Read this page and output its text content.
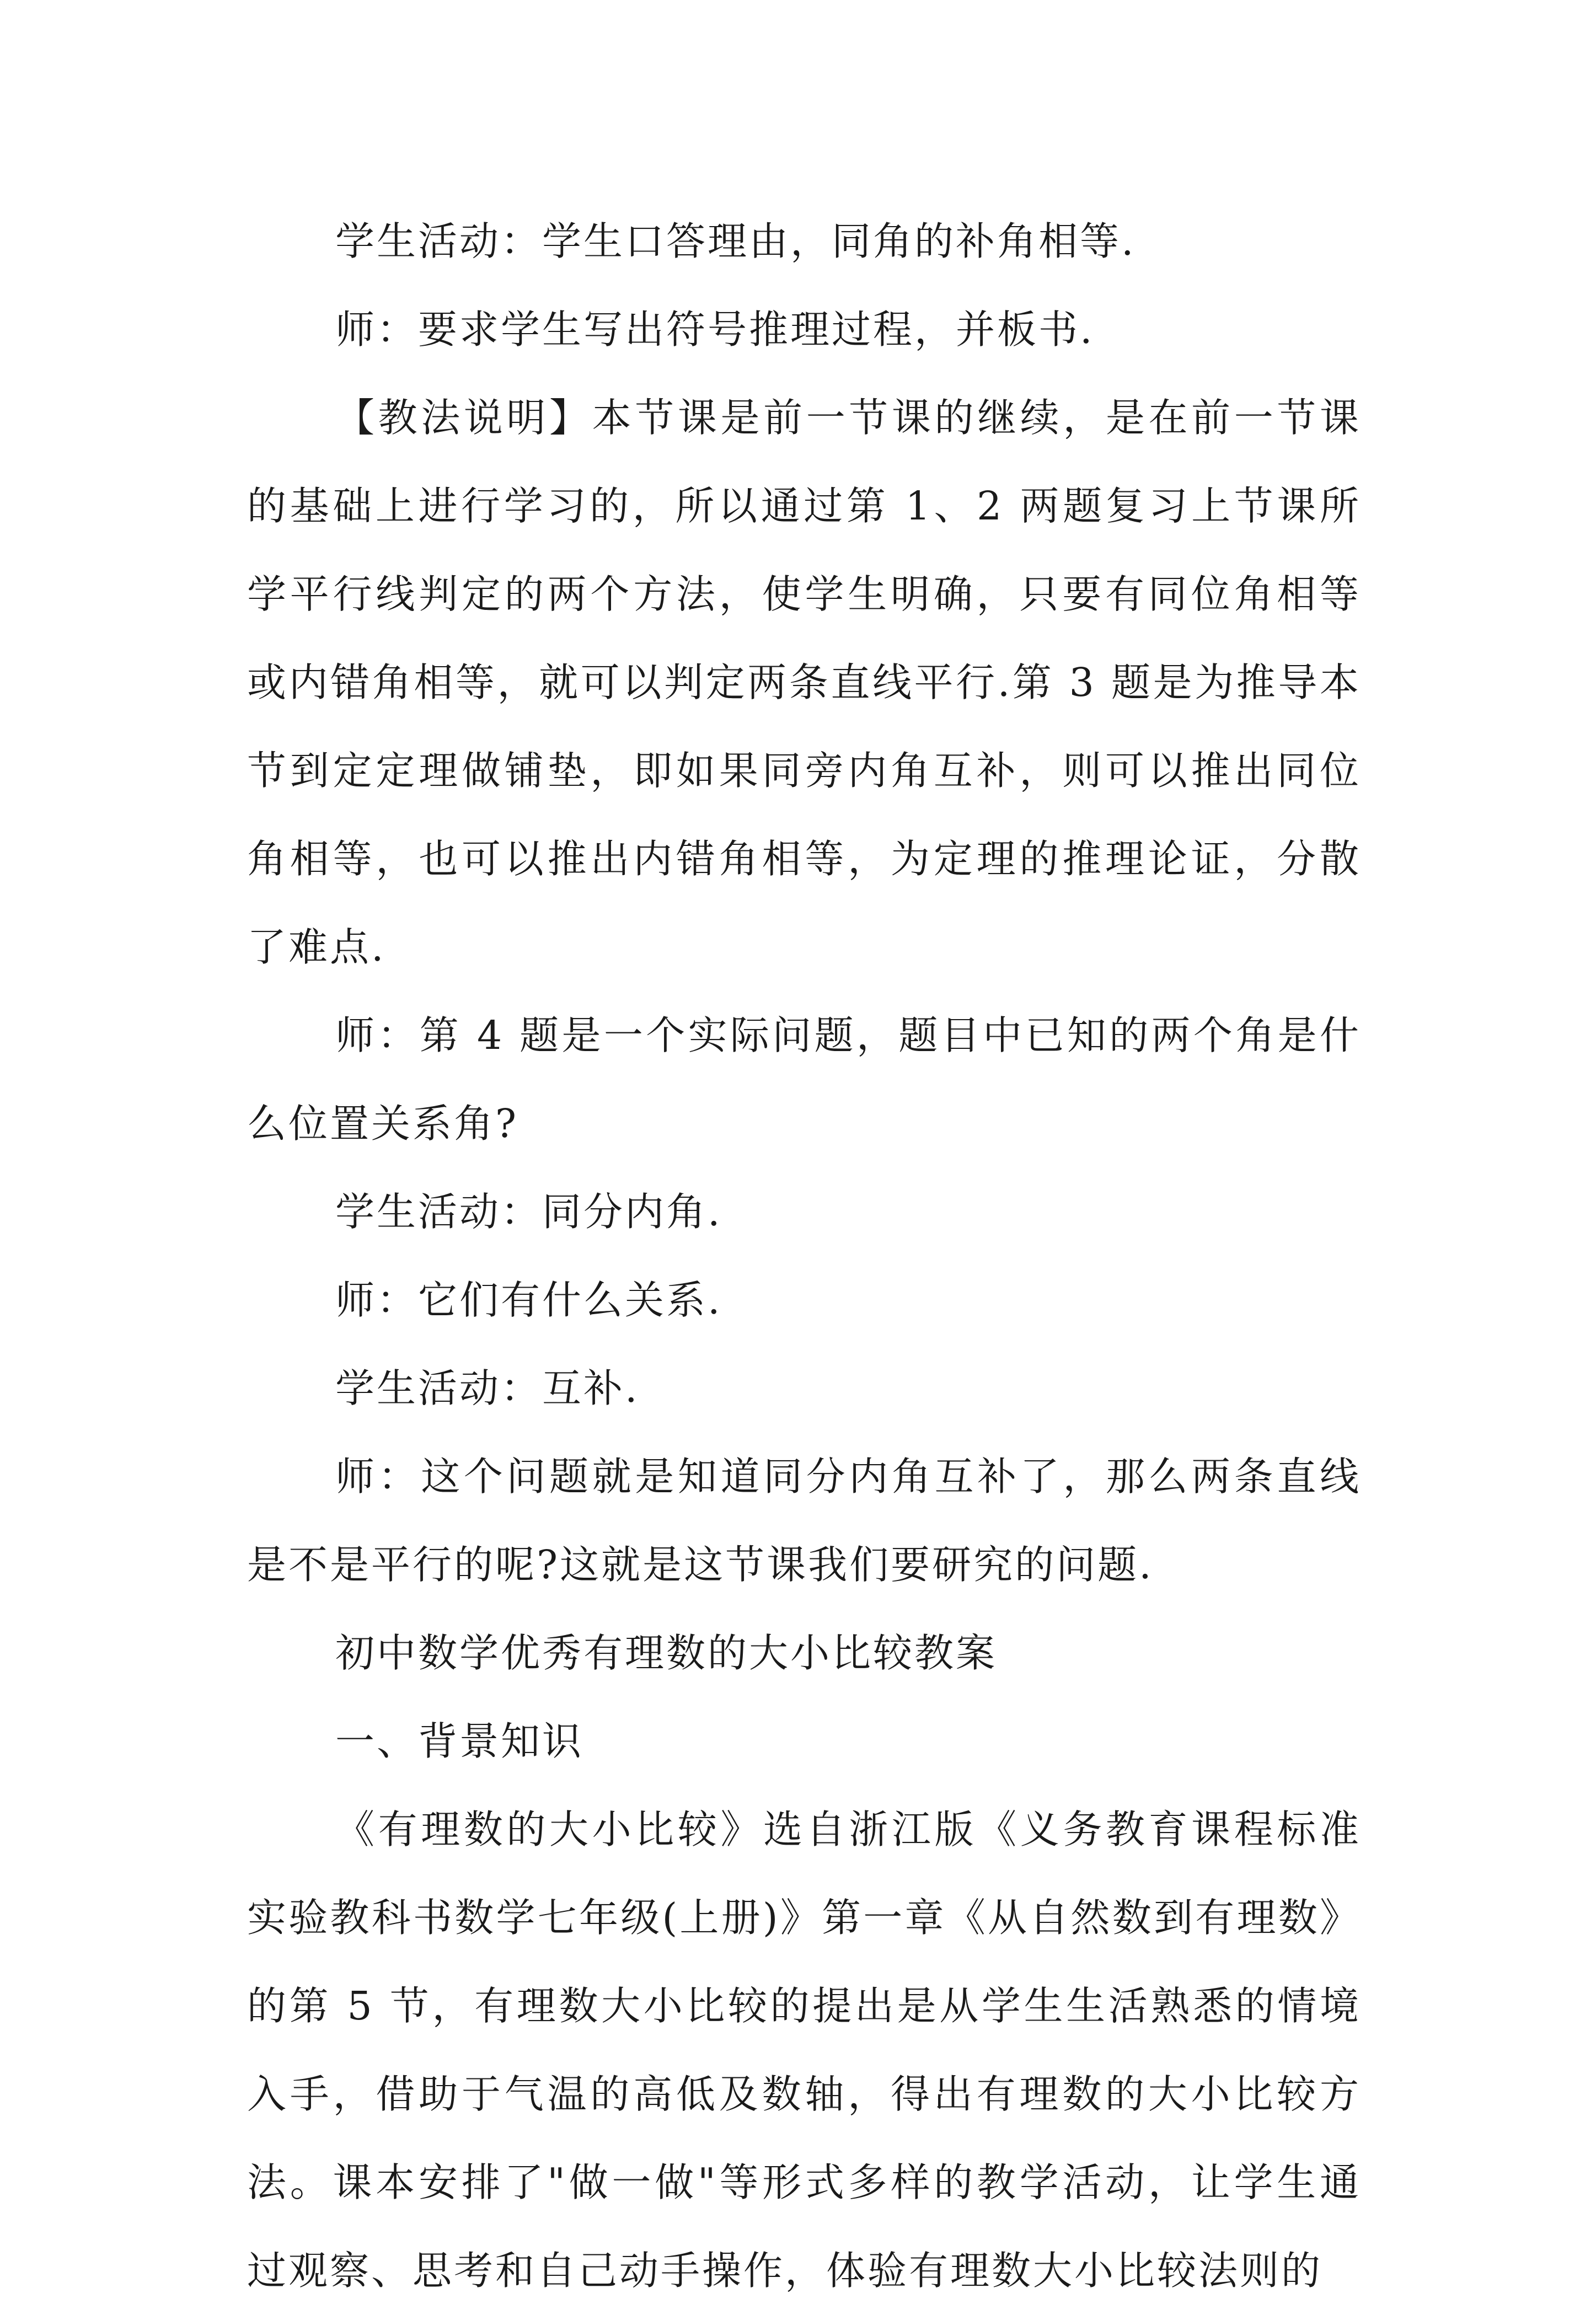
学生活动：学生口答理由，同角的补角相等.

师：要求学生写出符号推理过程，并板书.

【教法说明】本节课是前一节课的继续，是在前一节课的基础上进行学习的，所以通过第 1、2 两题复习上节课所学平行线判定的两个方法，使学生明确，只要有同位角相等或内错角相等，就可以判定两条直线平行.第 3 题是为推导本节到定定理做铺垫，即如果同旁内角互补，则可以推出同位角相等，也可以推出内错角相等，为定理的推理论证，分散了难点.

师：第 4 题是一个实际问题，题目中已知的两个角是什么位置关系角?

学生活动：同分内角.

师：它们有什么关系.

学生活动：互补.

师：这个问题就是知道同分内角互补了，那么两条直线是不是平行的呢?这就是这节课我们要研究的问题.

初中数学优秀有理数的大小比较教案

一、背景知识

《有理数的大小比较》选自浙江版《义务教育课程标准实验教科书数学七年级(上册)》第一章《从自然数到有理数》的第 5 节，有理数大小比较的提出是从学生生活熟悉的情境入手，借助于气温的高低及数轴，得出有理数的大小比较方法。课本安排了"做一做"等形式多样的教学活动，让学生通过观察、思考和自己动手操作，体验有理数大小比较法则的
